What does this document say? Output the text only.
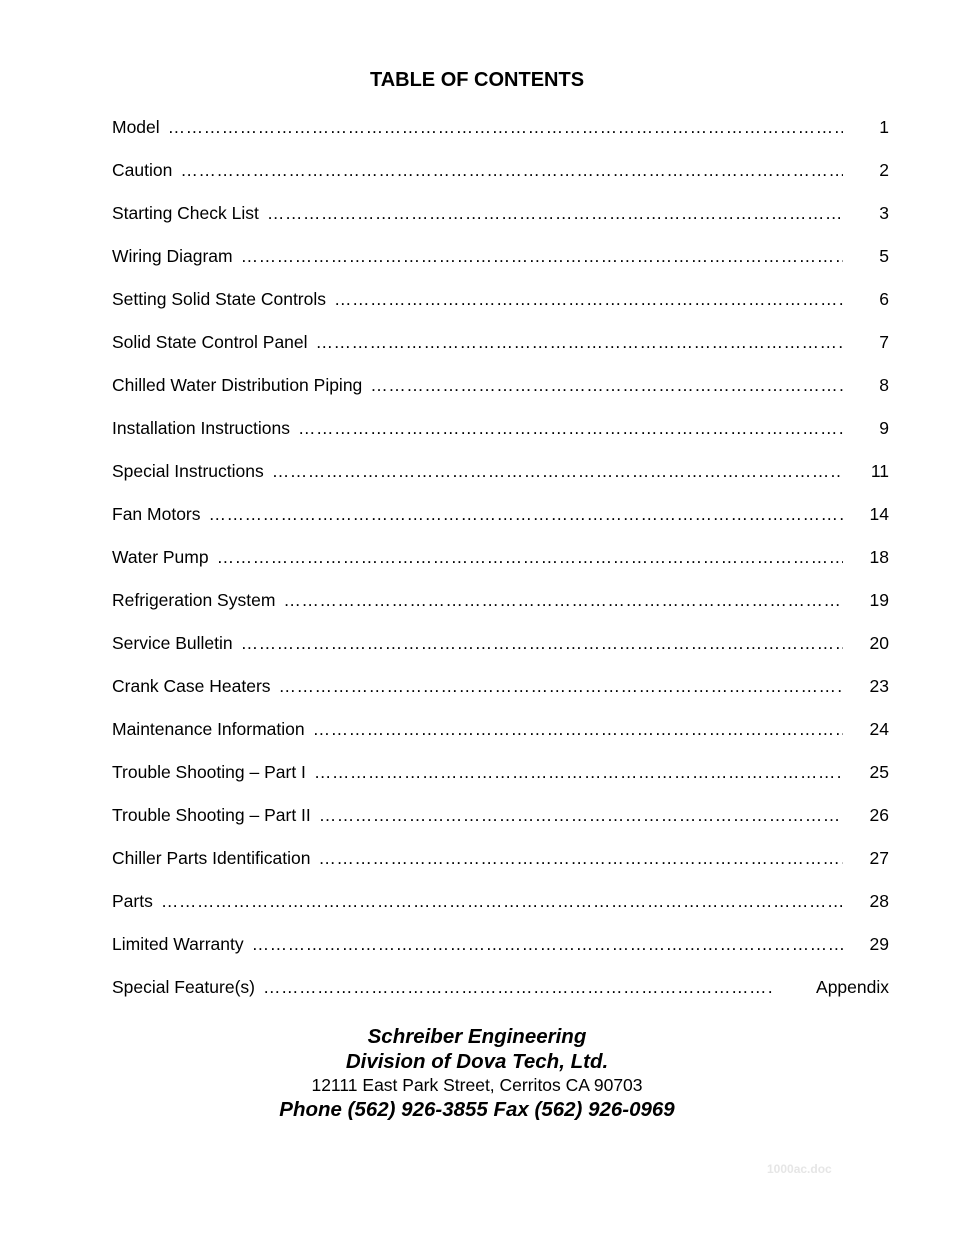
TABLE OF CONTENTS
Model …………………………………………………………………………………………………………………………………………………………………………………………………………………………	1
Caution …………………………………………………………………………………………………………………………………………………………………………………………………………………………	2
Starting Check List …………………………………………………………………………………………………………………………………………………………………………………………………………………………	3
Wiring Diagram …………………………………………………………………………………………………………………………………………………………………………………………………………………………	5
Setting Solid State Controls …………………………………………………………………………………………………………………………………………………………………………………………………………………………	6
Solid State Control Panel …………………………………………………………………………………………………………………………………………………………………………………………………………………………	7
Chilled Water Distribution Piping …………………………………………………………………………………………………………………………………………………………………………………………………………………………	8
Installation Instructions …………………………………………………………………………………………………………………………………………………………………………………………………………………………	9
Special Instructions …………………………………………………………………………………………………………………………………………………………………………………………………………………………	11
Fan Motors …………………………………………………………………………………………………………………………………………………………………………………………………………………………	14
Water Pump …………………………………………………………………………………………………………………………………………………………………………………………………………………………	18
Refrigeration System …………………………………………………………………………………………………………………………………………………………………………………………………………………………	19
Service Bulletin …………………………………………………………………………………………………………………………………………………………………………………………………………………………	20
Crank Case Heaters …………………………………………………………………………………………………………………………………………………………………………………………………………………………	23
Maintenance Information …………………………………………………………………………………………………………………………………………………………………………………………………………………………	24
Trouble Shooting – Part I …………………………………………………………………………………………………………………………………………………………………………………………………………………………	25
Trouble Shooting – Part II …………………………………………………………………………………………………………………………………………………………………………………………………………………………	26
Chiller Parts Identification …………………………………………………………………………………………………………………………………………………………………………………………………………………………	27
Parts …………………………………………………………………………………………………………………………………………………………………………………………………………………………	28
Limited Warranty …………………………………………………………………………………………………………………………………………………………………………………………………………………………	29
Special Feature(s) …………………………………………………………………………………………………………………………………………………………………………………………………………………………	Appendix
Schreiber Engineering
Division of Dova Tech, Ltd.
12111 East Park Street, Cerritos CA 90703
Phone (562) 926-3855 Fax (562) 926-0969
1000ac.doc
